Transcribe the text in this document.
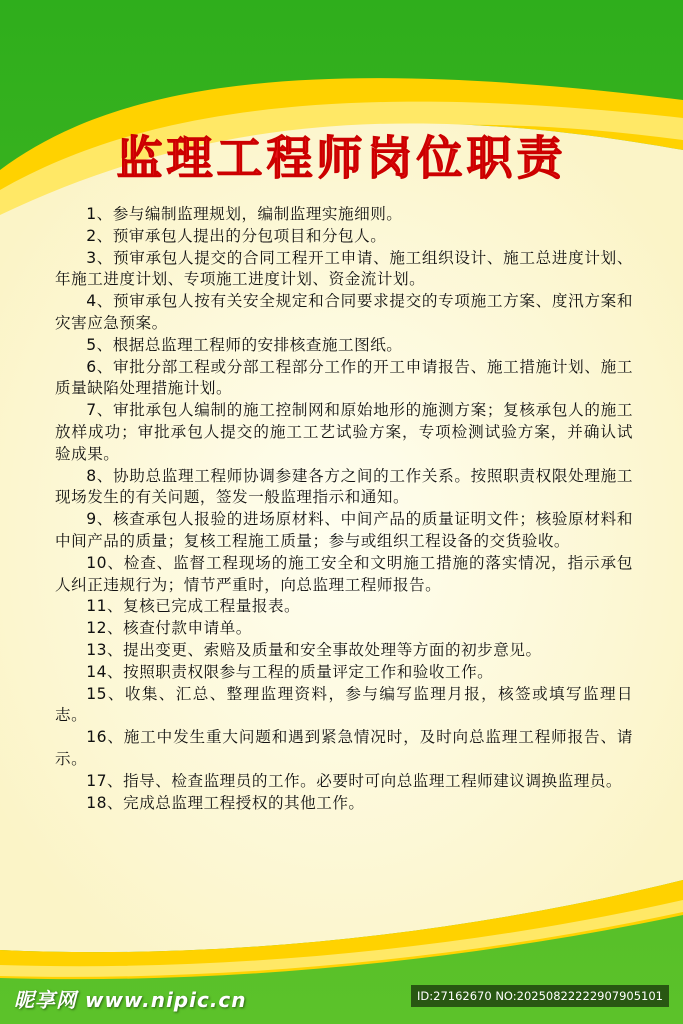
监理工程师岗位职责
1、参与编制监理规划，编制监理实施细则。
2、预审承包人提出的分包项目和分包人。
3、预审承包人提交的合同工程开工申请、施工组织设计、施工总进度计划、年施工进度计划、专项施工进度计划、资金流计划。
4、预审承包人按有关安全规定和合同要求提交的专项施工方案、度汛方案和灾害应急预案。
5、根据总监理工程师的安排核查施工图纸。
6、审批分部工程或分部工程部分工作的开工申请报告、施工措施计划、施工质量缺陷处理措施计划。
7、审批承包人编制的施工控制网和原始地形的施测方案；复核承包人的施工放样成功；审批承包人提交的施工工艺试验方案，专项检测试验方案，并确认试验成果。
8、协助总监理工程师协调参建各方之间的工作关系。按照职责权限处理施工现场发生的有关问题，签发一般监理指示和通知。
9、核查承包人报验的进场原材料、中间产品的质量证明文件；核验原材料和中间产品的质量；复核工程施工质量；参与或组织工程设备的交货验收。
10、检查、监督工程现场的施工安全和文明施工措施的落实情况，指示承包人纠正违规行为；情节严重时，向总监理工程师报告。
11、复核已完成工程量报表。
12、核查付款申请单。
13、提出变更、索赔及质量和安全事故处理等方面的初步意见。
14、按照职责权限参与工程的质量评定工作和验收工作。
15、收集、汇总、整理监理资料，参与编写监理月报，核签或填写监理日志。
16、施工中发生重大问题和遇到紧急情况时，及时向总监理工程师报告、请示。
17、指导、检查监理员的工作。必要时可向总监理工程师建议调换监理员。
18、完成总监理工程授权的其他工作。
昵享网 www.nipic.cn	ID:27162670 NO:20250822222907905101
